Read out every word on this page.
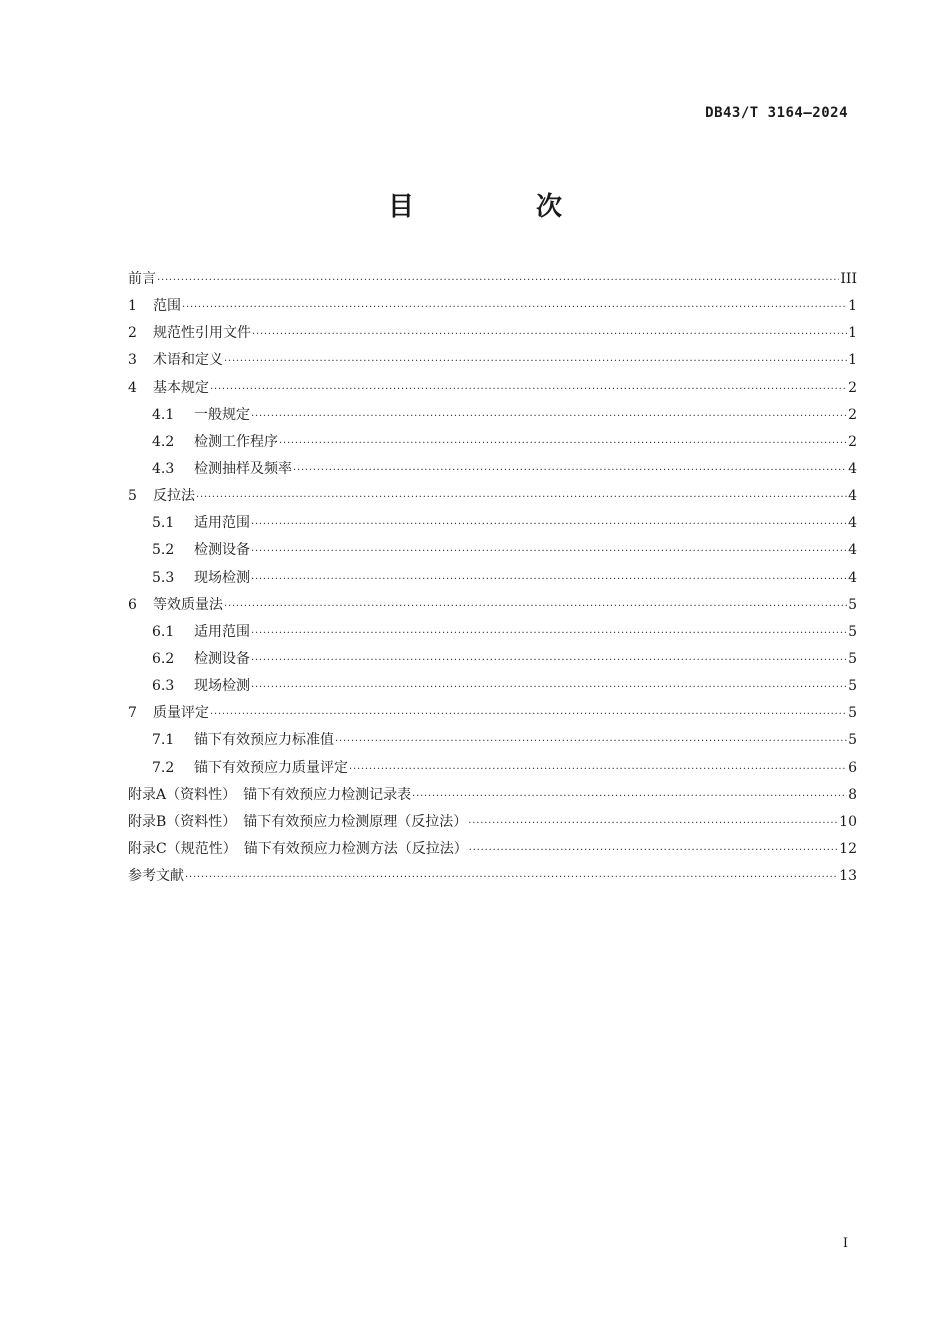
DB43/T 3164—2024
目　次
前言 ·····	III
1	范围 ·····	1
2	规范性引用文件 ·····	1
3	术语和定义 ·····	1
4	基本规定 ·····	2
4.1	一般规定 ·····	2
4.2	检测工作程序 ·····	2
4.3	检测抽样及频率 ·····	4
5	反拉法 ·····	4
5.1	适用范围 ·····	4
5.2	检测设备 ·····	4
5.3	现场检测 ·····	4
6	等效质量法 ·····	5
6.1	适用范围 ·····	5
6.2	检测设备 ·····	5
6.3	现场检测 ·····	5
7	质量评定 ·····	5
7.1	锚下有效预应力标准值 ·····	5
7.2	锚下有效预应力质量评定 ·····	6
附录A（资料性）　锚下有效预应力检测记录表 ·····	8
附录B（资料性）　锚下有效预应力检测原理（反拉法） ·····	10
附录C（规范性）　锚下有效预应力检测方法（反拉法） ·····	12
参考文献 ·····	13
I
